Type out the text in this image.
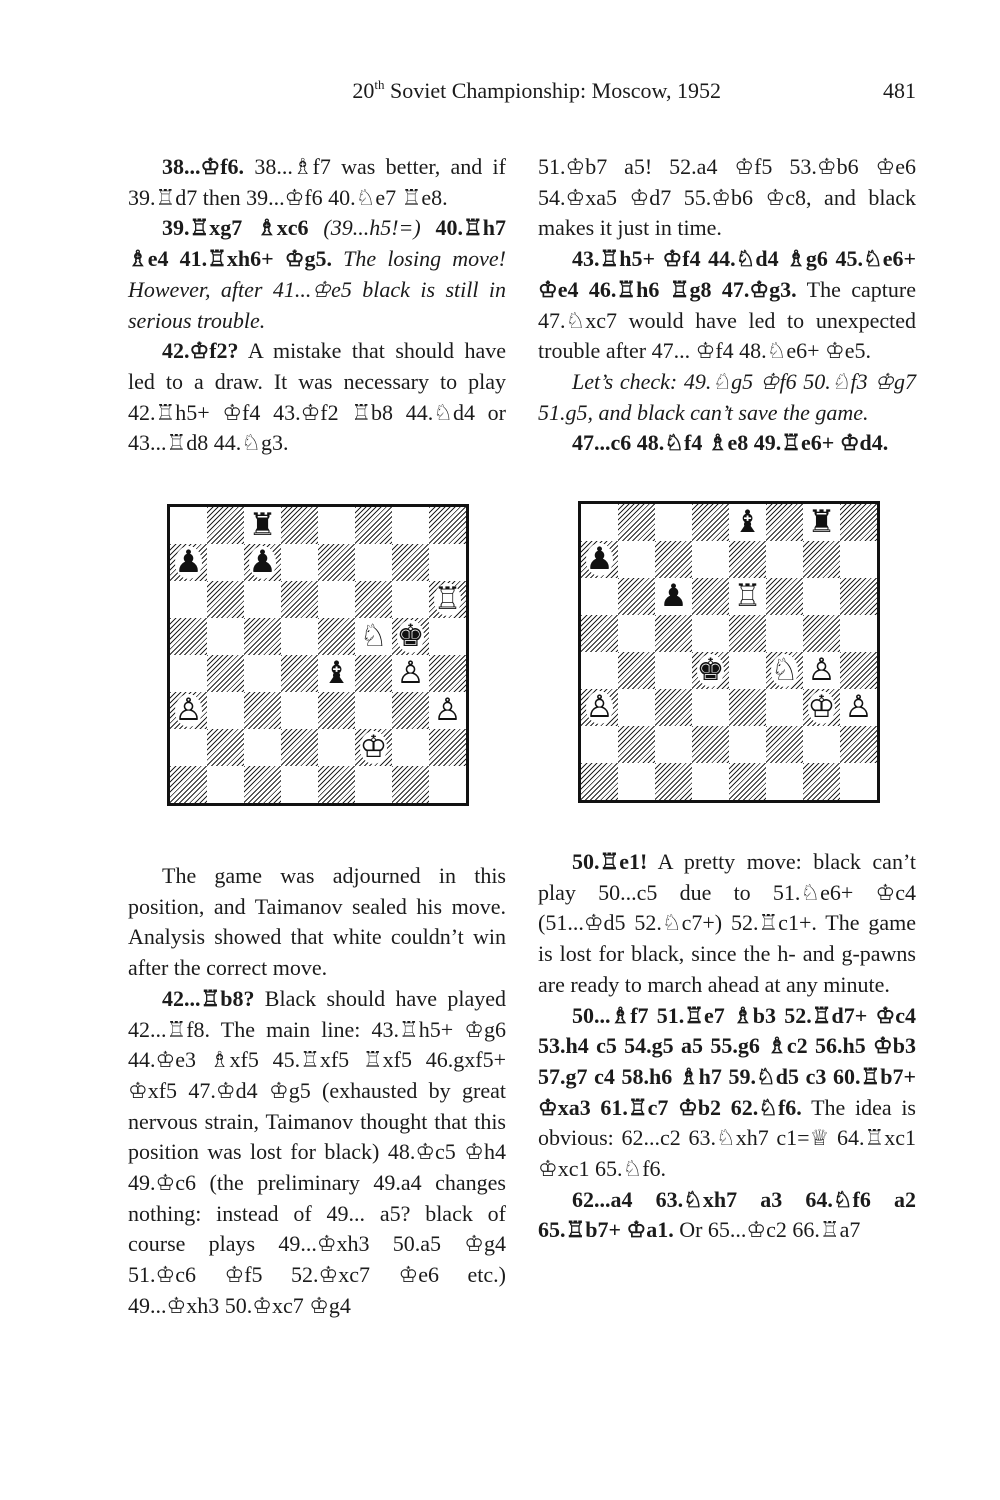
20th Soviet Championship: Moscow, 1952	481

38...♔f6. 38...♗f7 was better, and if 39.♖d7 then 39...♔f6 40.♘e7 ♖e8.

39.♖xg7 ♗xc6 (39...h5!=) 40.♖h7 ♗e4 41.♖xh6+ ♔g5. The losing move! However, after 41...♔e5 black is still in serious trouble.

42.♔f2? A mistake that should have led to a draw. It was necessary to play 42.♖h5+ ♔f4 43.♔f2 ♖b8 44.♘d4 or 43...♖d8 44.♘g3.

♜
♟ ♟
♖
♘ ♚
♝ ♙
♙	♙
♔

The game was adjourned in this position, and Taimanov sealed his move. Analysis showed that white couldn’t win after the correct move.

42...♖b8? Black should have played 42...♖f8. The main line: 43.♖h5+ ♔g6 44.♔e3 ♗xf5 45.♖xf5 ♖xf5 46.gxf5+ ♔xf5 47.♔d4 ♔g5 (exhausted by great nervous strain, Taimanov thought that this position was lost for black) 48.♔c5 ♔h4 49.♔c6 (the preliminary 49.a4 changes nothing: instead of 49... a5? black of course plays 49...♔xh3 50.a5 ♔g4 51.♔c6 ♔f5 52.♔xc7 ♔e6 etc.) 49...♔xh3 50.♔xc7 ♔g4

51.♔b7 a5! 52.a4 ♔f5 53.♔b6 ♔e6 54.♔xa5 ♔d7 55.♔b6 ♔c8, and black makes it just in time.

43.♖h5+ ♔f4 44.♘d4 ♗g6 45.♘e6+ ♔e4 46.♖h6 ♖g8 47.♔g3. The capture 47.♘xc7 would have led to unexpected trouble after 47... ♔f4 48.♘e6+ ♔e5.

Let’s check: 49.♘g5 ♔f6 50.♘f3 ♔g7 51.g5, and black can’t save the game.

47...c6 48.♘f4 ♗e8 49.♖e6+ ♔d4.

♝ ♜
♟
♟ ♖
♚ ♘ ♙
♙	♔ ♙

50.♖e1! A pretty move: black can’t play 50...c5 due to 51.♘e6+ ♔c4 (51...♔d5 52.♘c7+) 52.♖c1+. The game is lost for black, since the h- and g-pawns are ready to march ahead at any minute.

50...♗f7 51.♖e7 ♗b3 52.♖d7+ ♔c4 53.h4 c5 54.g5 a5 55.g6 ♗c2 56.h5 ♔b3 57.g7 c4 58.h6 ♗h7 59.♘d5 c3 60.♖b7+ ♔xa3 61.♖c7 ♔b2 62.♘f6. The idea is obvious: 62...c2 63.♘xh7 c1=♕ 64.♖xc1 ♔xc1 65.♘f6.

62...a4 63.♘xh7 a3 64.♘f6 a2 65.♖b7+ ♔a1. Or 65...♔c2 66.♖a7
